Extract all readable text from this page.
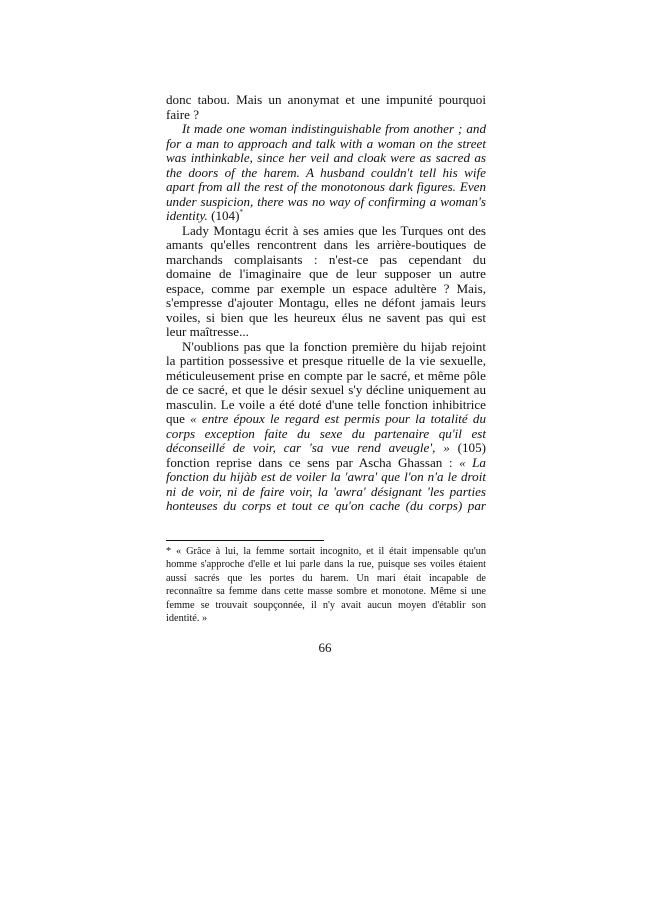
donc tabou. Mais un anonymat et une impunité pourquoi
faire ?
It made one woman indistinguishable from another ; and
for a man to approach and talk with a woman on the street
was inthinkable, since her veil and cloak were as sacred as
the doors of the harem. A husband couldn't tell his wife
apart from all the rest of the monotonous dark figures. Even
under suspicion, there was no way of confirming a woman's
identity. (104)*
Lady Montagu écrit à ses amies que les Turques ont des
amants qu'elles rencontrent dans les arrière-boutiques de
marchands complaisants : n'est-ce pas cependant du
domaine de l'imaginaire que de leur supposer un autre
espace, comme par exemple un espace adultère ? Mais,
s'empresse d'ajouter Montagu, elles ne défont jamais leurs
voiles, si bien que les heureux élus ne savent pas qui est
leur maîtresse...
N'oublions pas que la fonction première du hijab rejoint
la partition possessive et presque rituelle de la vie sexuelle,
méticuleusement prise en compte par le sacré, et même pôle
de ce sacré, et que le désir sexuel s'y décline uniquement au
masculin. Le voile a été doté d'une telle fonction inhibitrice
que « entre époux le regard est permis pour la totalité du
corps exception faite du sexe du partenaire qu'il est
déconseillé de voir, car 'sa vue rend aveugle', » (105)
fonction reprise dans ce sens par Ascha Ghassan : « La
fonction du hijàb est de voiler la 'awra' que l'on n'a le droit
ni de voir, ni de faire voir, la 'awra' désignant 'les parties
honteuses du corps et tout ce qu'on cache (du corps) par
* « Grâce à lui, la femme sortait incognito, et il était impensable qu'un
homme s'approche d'elle et lui parle dans la rue, puisque ses voiles étaient
aussi sacrés que les portes du harem. Un mari était incapable de
reconnaître sa femme dans cette masse sombre et monotone. Même si une
femme se trouvait soupçonnée, il n'y avait aucun moyen d'établir son
identité. »
66
